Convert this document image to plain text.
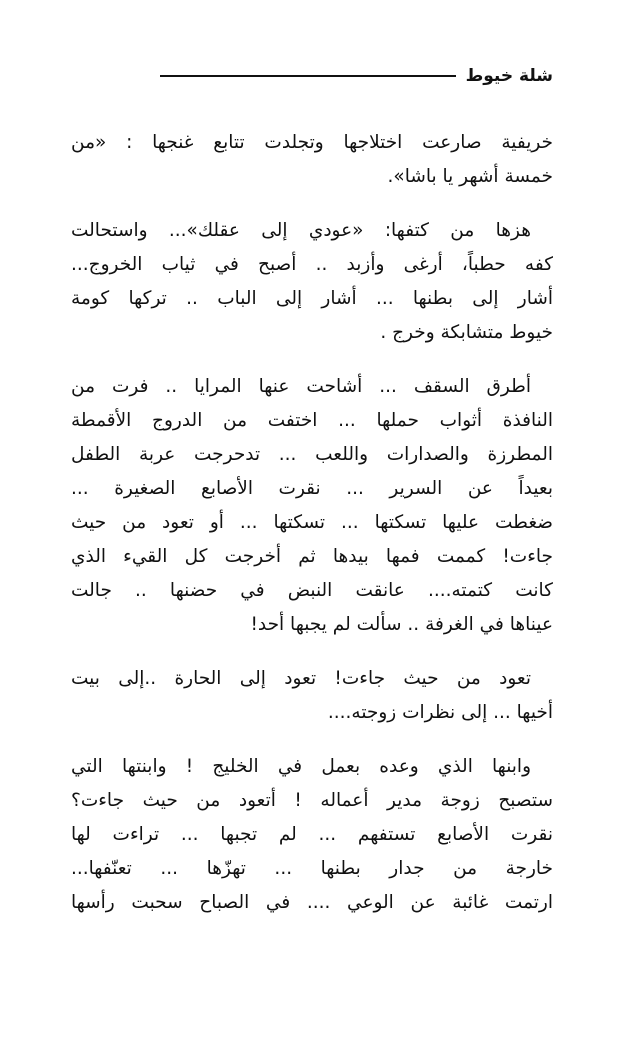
شلة خيوط

خريفية صارعت اختلاجها وتجلدت تتابع غنجها : «من
خمسة أشهر يا باشا».

هزها من كتفها: «عودي إلى عقلك»... واستحالت
كفه حطباً، أرغى وأزبد .. أصبح في ثياب الخروج...
أشار إلى بطنها ... أشار إلى الباب .. تركها كومة
خيوط متشابكة وخرج .

أطرق السقف ... أشاحت عنها المرايا .. فرت من
النافذة أثواب حملها ... اختفت من الدروج الأقمطة
المطرزة والصدارات واللعب ... تدحرجت عربة الطفل
بعيداً عن السرير ... نقرت الأصابع الصغيرة ...
ضغطت عليها تسكتها ... تسكتها ... أو تعود من حيث
جاءت! كممت فمها بيدها ثم أخرجت كل القيء الذي
كانت كتمته.... عانقت النبض في حضنها .. جالت
عيناها في الغرفة .. سألت لم يجبها أحد!

تعود من حيث جاءت! تعود إلى الحارة ..إلى بيت
أخيها ... إلى نظرات زوجته....

وابنها الذي وعده بعمل في الخليج ! وابنتها التي
ستصبح زوجة مدير أعماله ! أتعود من حيث جاءت؟
نقرت الأصابع تستفهم ... لم تجبها ... تراءت لها
خارجة من جدار بطنها ... تهزّها ... تعنّفها...
ارتمت غائبة عن الوعي .... في الصباح سحبت رأسها
